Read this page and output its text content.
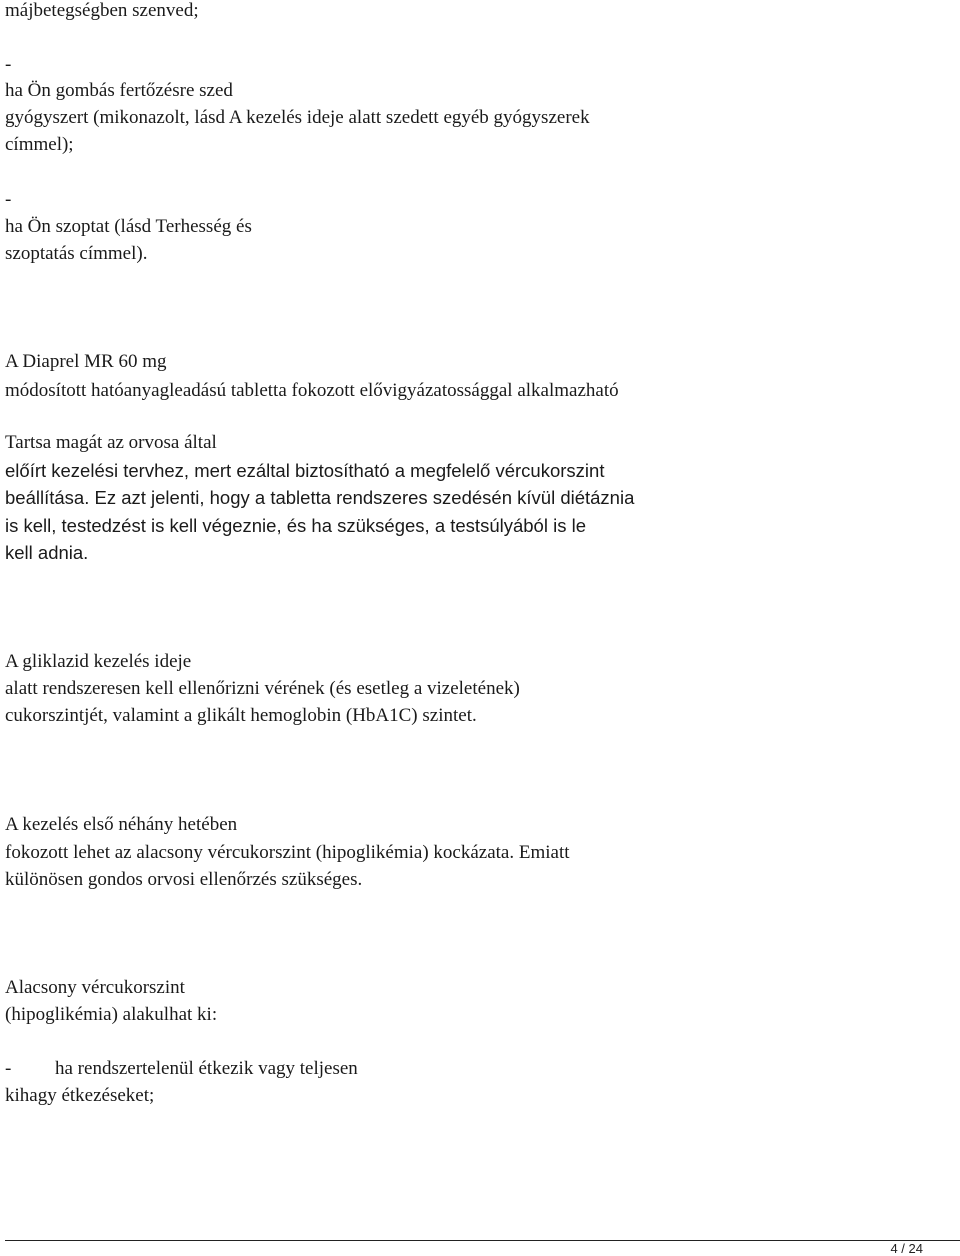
májbetegségben szenved;
-
ha Ön gombás fertőzésre szed
gyógyszert (mikonazolt, lásd A kezelés ideje alatt szedett egyéb gyógyszerek
címmel);
-
ha Ön szoptat (lásd Terhesség és
szoptatás címmel).
A Diaprel MR 60 mg
módosított hatóanyagleadású tabletta fokozott elővigyázatossággal alkalmazható
Tartsa magát az orvosa által
előírt kezelési tervhez, mert ezáltal biztosítható a megfelelő vércukorszint
beállítása. Ez azt jelenti, hogy a tabletta rendszeres szedésén kívül diétáznia
is kell, testedzést is kell végeznie, és ha szükséges, a testsúlyából is le
kell adnia.
A gliklazid kezelés ideje
alatt rendszeresen kell ellenőrizni vérének (és esetleg a vizeletének)
cukorszintjét, valamint a glikált hemoglobin (HbA1C) szintet.
A kezelés első néhány hetében
fokozott lehet az alacsony vércukorszint (hipoglikémia) kockázata. Emiatt
különösen gondos orvosi ellenőrzés szükséges.
Alacsony vércukorszint
(hipoglikémia) alakulhat ki:
- ha rendszertelenül étkezik vagy teljesen
kihagy étkezéseket;
4 / 24
